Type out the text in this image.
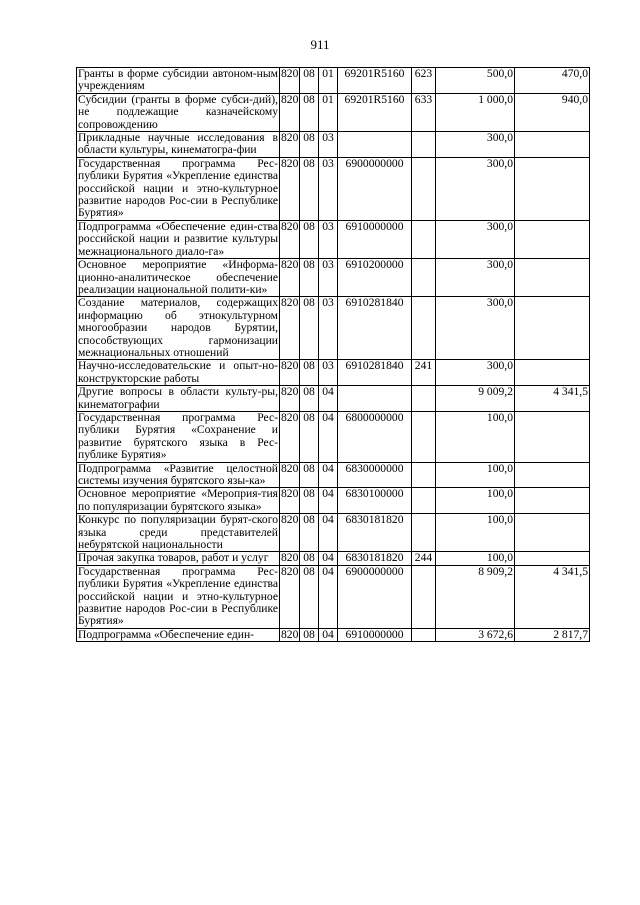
911
Гранты в форме субсидии автоном-ным учреждениям	820	08	01	69201R5160	623	500,0	470,0
Субсидии (гранты в форме субси-дий), не подлежащие казначейскому сопровождению	820	08	01	69201R5160	633	1 000,0	940,0
Прикладные научные исследования в области культуры, кинематогра-фии	820	08	03			300,0	
Государственная программа Рес-публики Бурятия «Укрепление единства российской нации и этно-культурное развитие народов Рос-сии в Республике Бурятия»	820	08	03	6900000000		300,0	
Подпрограмма «Обеспечение един-ства российской нации и развитие культуры межнационального диало-га»	820	08	03	6910000000		300,0	
Основное мероприятие «Информа-ционно-аналитическое обеспечение реализации национальной полити-ки»	820	08	03	6910200000		300,0	
Создание материалов, содержащих информацию об этнокультурном многообразии народов Бурятии, способствующих гармонизации межнациональных отношений	820	08	03	6910281840		300,0	
Научно-исследовательские и опыт-но-конструкторские работы	820	08	03	6910281840	241	300,0	
Другие вопросы в области культу-ры, кинематографии	820	08	04			9 009,2	4 341,5
Государственная программа Рес-публики Бурятия «Сохранение и развитие бурятского языка в Рес-публике Бурятия»	820	08	04	6800000000		100,0	
Подпрограмма «Развитие целостной системы изучения бурятского язы-ка»	820	08	04	6830000000		100,0	
Основное мероприятие «Мероприя-тия по популяризации бурятского языка»	820	08	04	6830100000		100,0	
Конкурс по популяризации бурят-ского языка среди представителей небурятской национальности	820	08	04	6830181820		100,0	
Прочая закупка товаров, работ и услуг	820	08	04	6830181820	244	100,0	
Государственная программа Рес-публики Бурятия «Укрепление единства российской нации и этно-культурное развитие народов Рос-сии в Республике Бурятия»	820	08	04	6900000000		8 909,2	4 341,5
Подпрограмма «Обеспечение един-	820	08	04	6910000000		3 672,6	2 817,7
